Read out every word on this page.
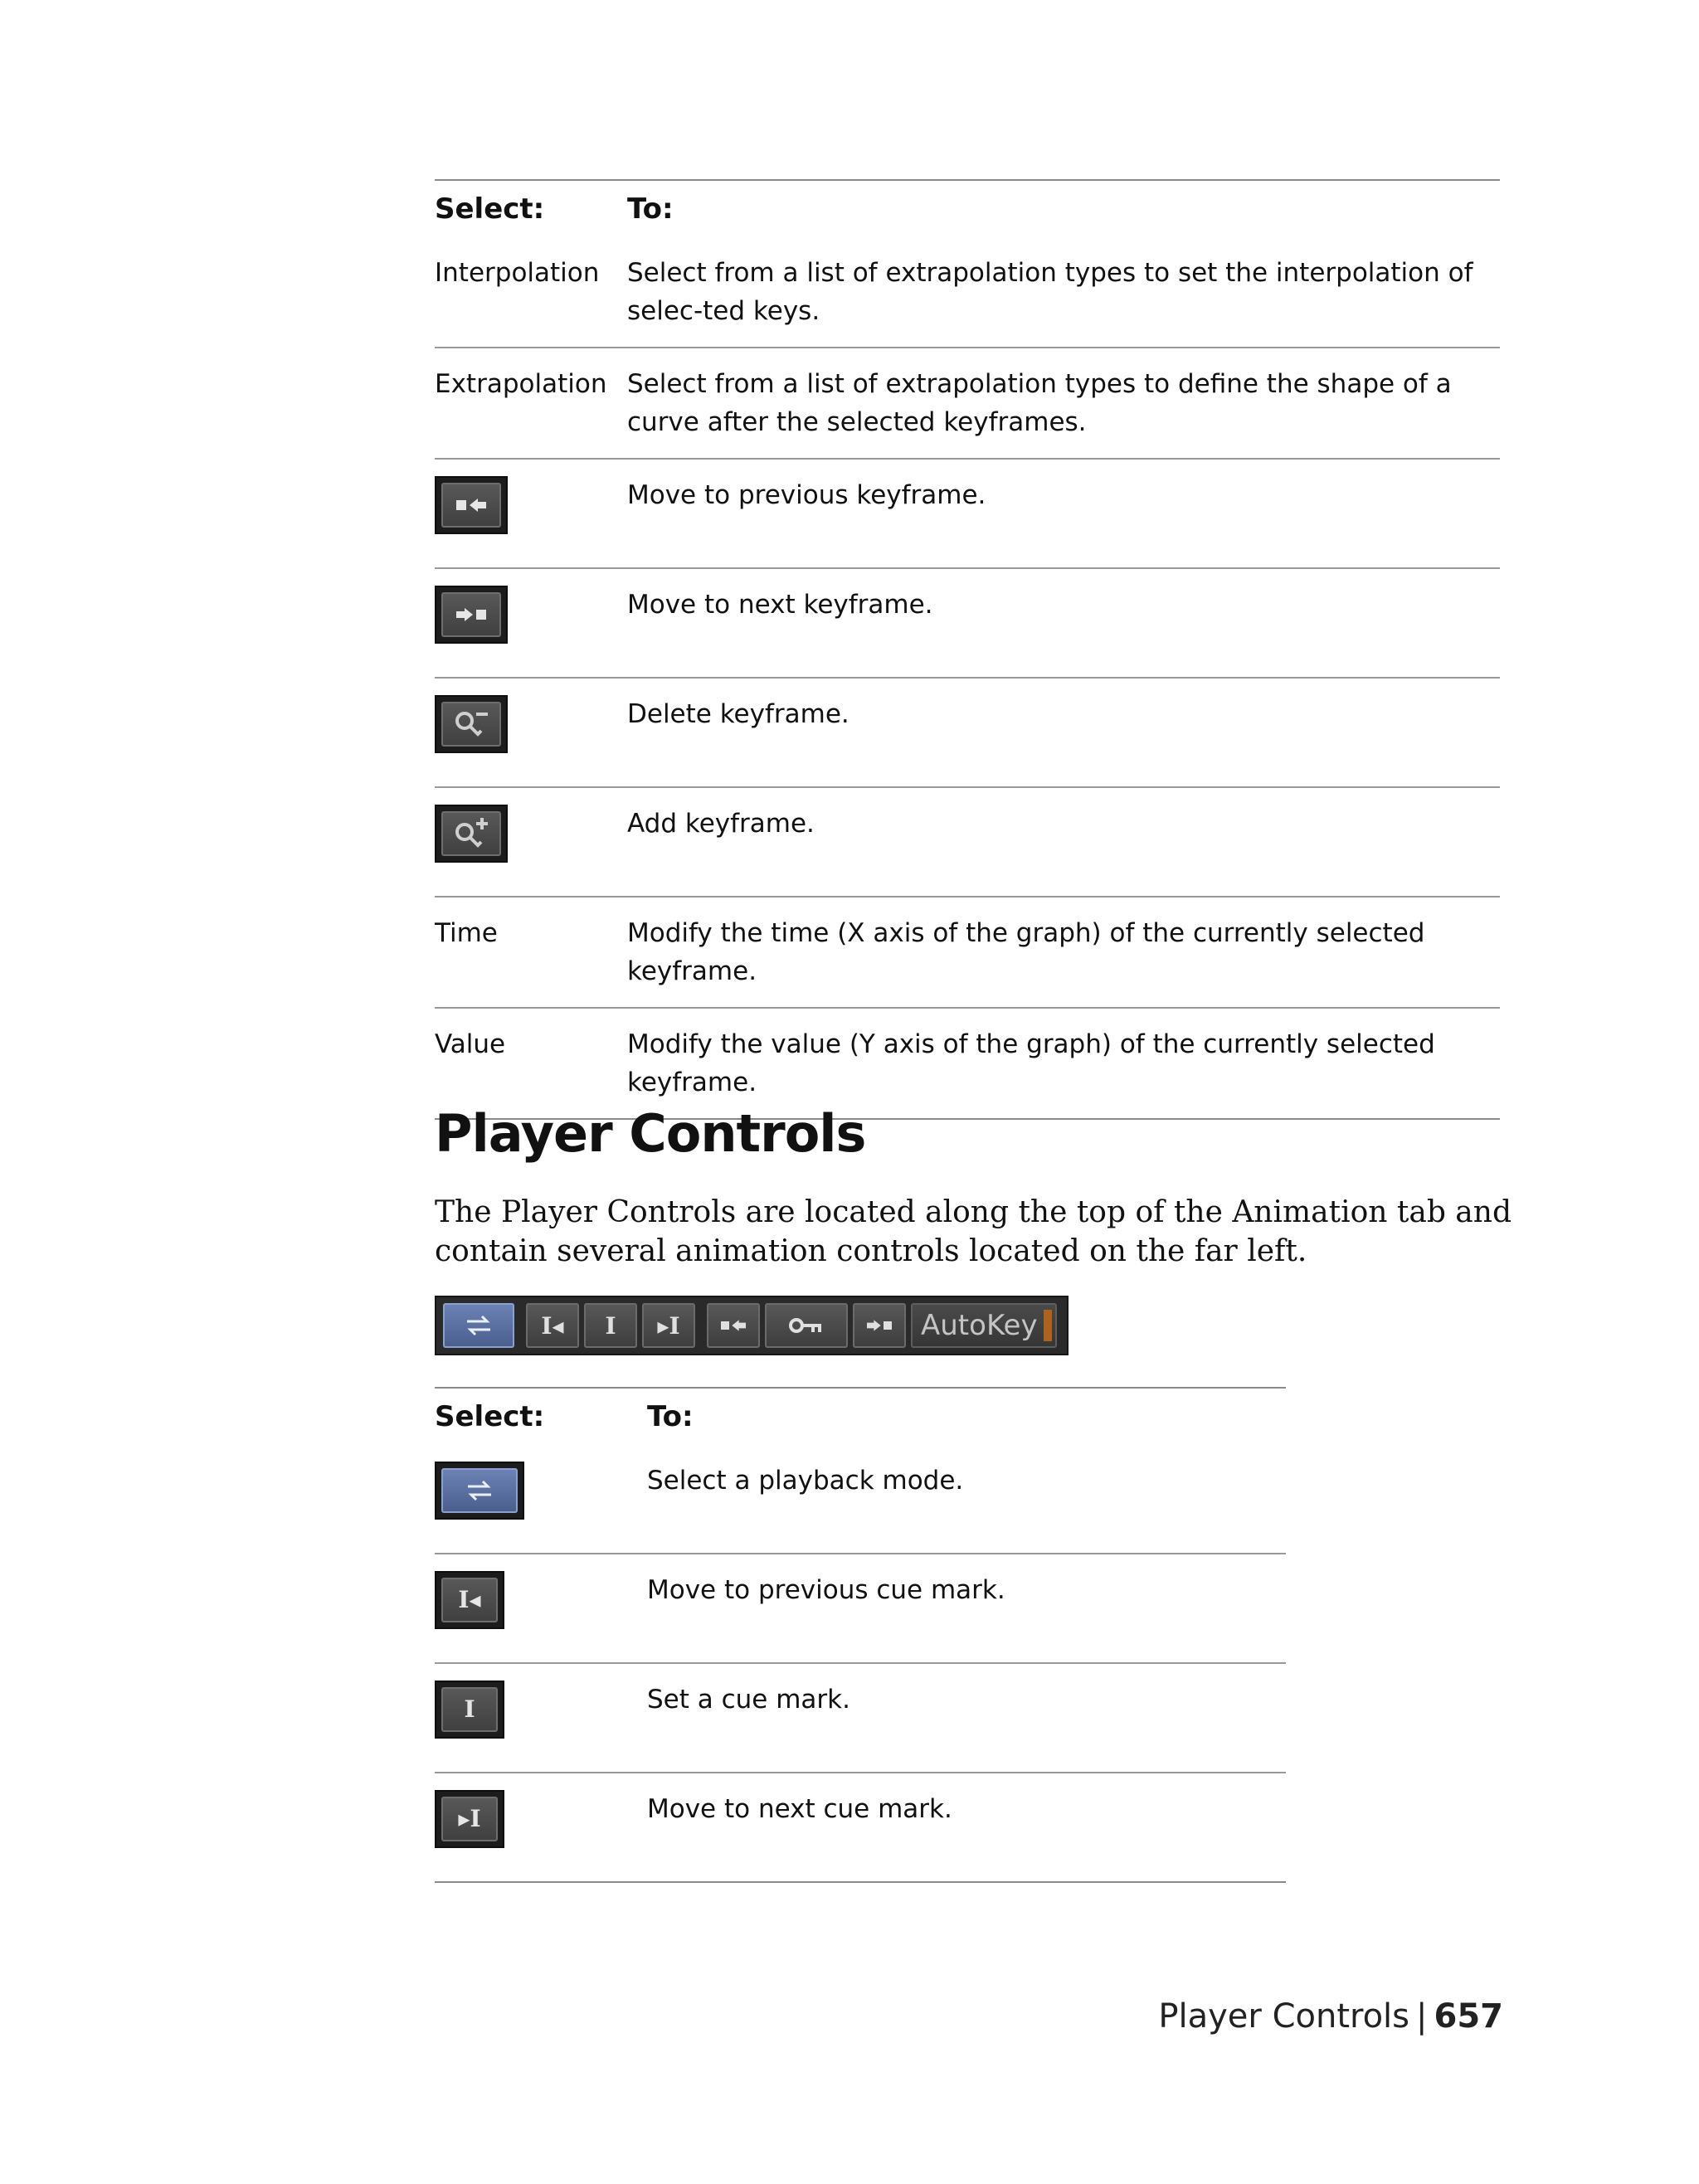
Select:	To:
Interpolation	Select from a list of extrapolation types to set the interpolation of selec-ted keys.
Extrapolation	Select from a list of extrapolation types to define the shape of a curve after the selected keyframes.

	Move to previous keyframe.

	Move to next keyframe.

	Delete keyframe.

	Add keyframe.
Time	Modify the time (X axis of the graph) of the currently selected keyframe.
Value	Modify the value (Y axis of the graph) of the currently selected keyframe.
Player Controls

The Player Controls are located along the top of the Animation tab and contain several animation controls located on the far left.

I◂ I ▸I	AutoKey
Select:	To:

	Select a playback mode.

I◂	Move to previous cue mark.

I	Set a cue mark.

▸I	Move to next cue mark.
Player Controls | 657
